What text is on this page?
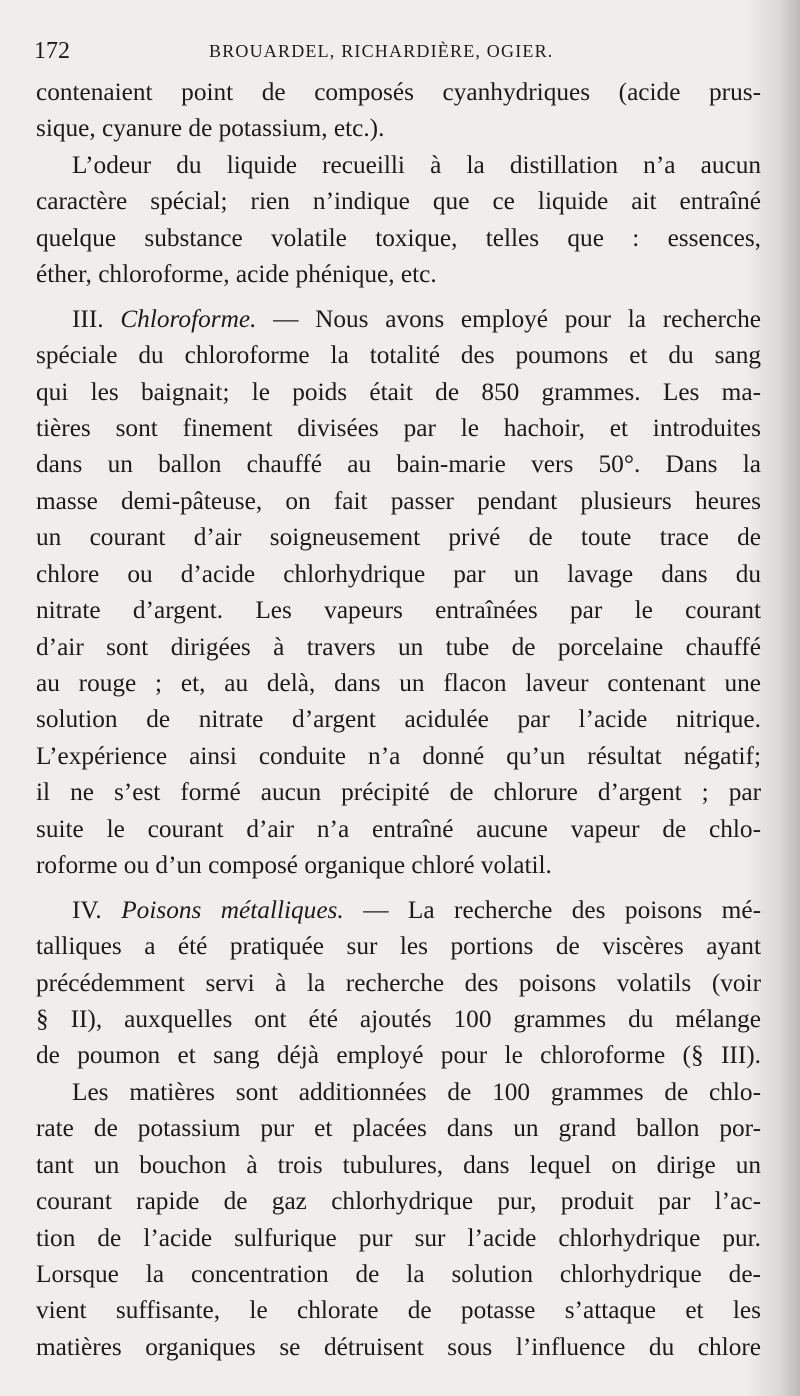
172	BROUARDEL, RICHARDIÈRE, OGIER.
contenaient point de composés cyanhydriques (acide prus-
sique, cyanure de potassium, etc.).
L’odeur du liquide recueilli à la distillation n’a aucun
caractère spécial; rien n’indique que ce liquide ait entraîné
quelque substance volatile toxique, telles que : essences,
éther, chloroforme, acide phénique, etc.
III. Chloroforme. — Nous avons employé pour la recherche
spéciale du chloroforme la totalité des poumons et du sang
qui les baignait; le poids était de 850 grammes. Les ma-
tières sont finement divisées par le hachoir, et introduites
dans un ballon chauffé au bain-marie vers 50°. Dans la
masse demi-pâteuse, on fait passer pendant plusieurs heures
un courant d’air soigneusement privé de toute trace de
chlore ou d’acide chlorhydrique par un lavage dans du
nitrate d’argent. Les vapeurs entraînées par le courant
d’air sont dirigées à travers un tube de porcelaine chauffé
au rouge ; et, au delà, dans un flacon laveur contenant une
solution de nitrate d’argent acidulée par l’acide nitrique.
L’expérience ainsi conduite n’a donné qu’un résultat négatif;
il ne s’est formé aucun précipité de chlorure d’argent ; par
suite le courant d’air n’a entraîné aucune vapeur de chlo-
roforme ou d’un composé organique chloré volatil.
IV. Poisons métalliques. — La recherche des poisons mé-
talliques a été pratiquée sur les portions de viscères ayant
précédemment servi à la recherche des poisons volatils (voir
§ II), auxquelles ont été ajoutés 100 grammes du mélange
de poumon et sang déjà employé pour le chloroforme (§ III).
Les matières sont additionnées de 100 grammes de chlo-
rate de potassium pur et placées dans un grand ballon por-
tant un bouchon à trois tubulures, dans lequel on dirige un
courant rapide de gaz chlorhydrique pur, produit par l’ac-
tion de l’acide sulfurique pur sur l’acide chlorhydrique pur.
Lorsque la concentration de la solution chlorhydrique de-
vient suffisante, le chlorate de potasse s’attaque et les
matières organiques se détruisent sous l’influence du chlore
